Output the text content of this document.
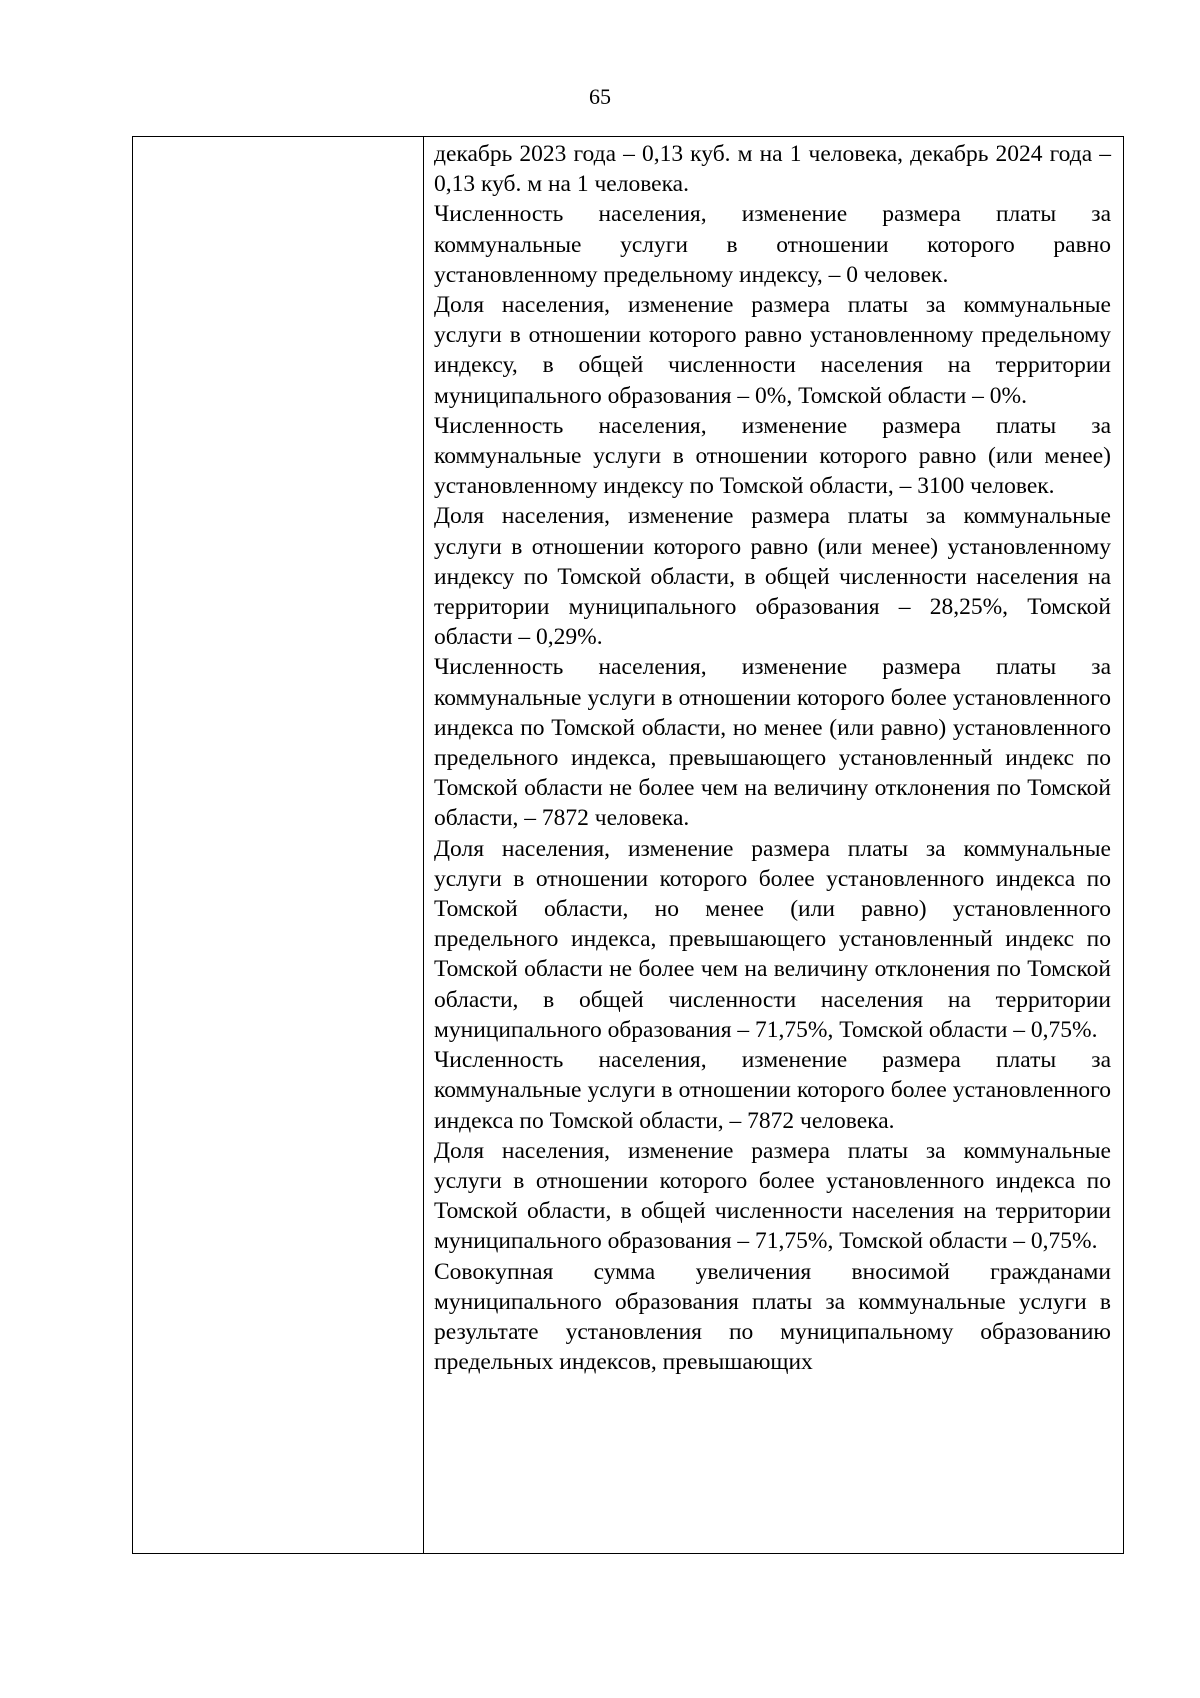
65

декабрь 2023 года – 0,13 куб. м на 1 человека, декабрь 2024 года – 0,13 куб. м на 1 человека.

Численность населения, изменение размера платы за коммунальные услуги в отношении которого равно установленному предельному индексу, – 0 человек.

Доля населения, изменение размера платы за коммунальные услуги в отношении которого равно установленному предельному индексу, в общей численности населения на территории муниципального образования – 0%, Томской области – 0%.

Численность населения, изменение размера платы за коммунальные услуги в отношении которого равно (или менее) установленному индексу по Томской области, – 3100 человек.

Доля населения, изменение размера платы за коммунальные услуги в отношении которого равно (или менее) установленному индексу по Томской области, в общей численности населения на территории муниципального образования – 28,25%, Томской области – 0,29%.

Численность населения, изменение размера платы за коммунальные услуги в отношении которого более установленного индекса по Томской области, но менее (или равно) установленного предельного индекса, превышающего установленный индекс по Томской области не более чем на величину отклонения по Томской области, – 7872 человека.

Доля населения, изменение размера платы за коммунальные услуги в отношении которого более установленного индекса по Томской области, но менее (или равно) установленного предельного индекса, превышающего установленный индекс по Томской области не более чем на величину отклонения по Томской области, в общей численности населения на территории муниципального образования – 71,75%, Томской области – 0,75%.

Численность населения, изменение размера платы за коммунальные услуги в отношении которого более установленного индекса по Томской области, – 7872 человека.

Доля населения, изменение размера платы за коммунальные услуги в отношении которого более установленного индекса по Томской области, в общей численности населения на территории муниципального образования – 71,75%, Томской области – 0,75%.

Совокупная сумма увеличения вносимой гражданами муниципального образования платы за коммунальные услуги в результате установления по муниципальному образованию предельных индексов, превышающих
